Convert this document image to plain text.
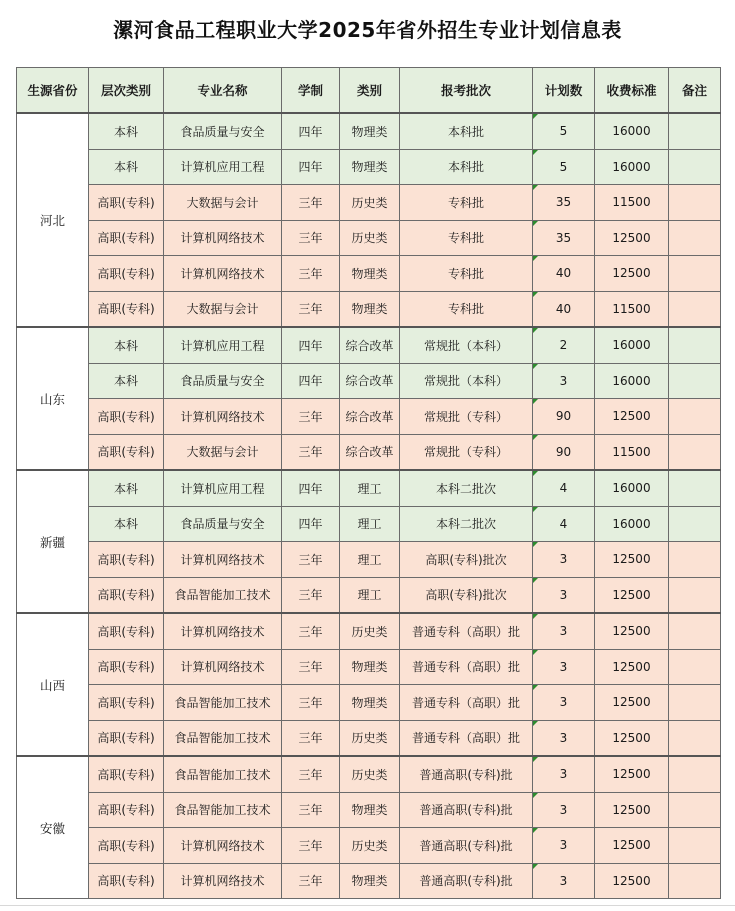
漯河食品工程职业大学2025年省外招生专业计划信息表
生源省份	层次类别	专业名称	学制	类别	报考批次	计划数	收费标准	备注
河北	本科	食品质量与安全	四年	物理类	本科批	5	16000	
	本科	计算机应用工程	四年	物理类	本科批	5	16000	
	高职(专科)	大数据与会计	三年	历史类	专科批	35	11500	
	高职(专科)	计算机网络技术	三年	历史类	专科批	35	12500	
	高职(专科)	计算机网络技术	三年	物理类	专科批	40	12500	
	高职(专科)	大数据与会计	三年	物理类	专科批	40	11500	
山东	本科	计算机应用工程	四年	综合改革	常规批（本科）	2	16000	
	本科	食品质量与安全	四年	综合改革	常规批（本科）	3	16000	
	高职(专科)	计算机网络技术	三年	综合改革	常规批（专科）	90	12500	
	高职(专科)	大数据与会计	三年	综合改革	常规批（专科）	90	11500	
新疆	本科	计算机应用工程	四年	理工	本科二批次	4	16000	
	本科	食品质量与安全	四年	理工	本科二批次	4	16000	
	高职(专科)	计算机网络技术	三年	理工	高职(专科)批次	3	12500	
	高职(专科)	食品智能加工技术	三年	理工	高职(专科)批次	3	12500	
山西	高职(专科)	计算机网络技术	三年	历史类	普通专科（高职）批	3	12500	
	高职(专科)	计算机网络技术	三年	物理类	普通专科（高职）批	3	12500	
	高职(专科)	食品智能加工技术	三年	物理类	普通专科（高职）批	3	12500	
	高职(专科)	食品智能加工技术	三年	历史类	普通专科（高职）批	3	12500	
安徽	高职(专科)	食品智能加工技术	三年	历史类	普通高职(专科)批	3	12500	
	高职(专科)	食品智能加工技术	三年	物理类	普通高职(专科)批	3	12500	
	高职(专科)	计算机网络技术	三年	历史类	普通高职(专科)批	3	12500	
	高职(专科)	计算机网络技术	三年	物理类	普通高职(专科)批	3	12500	
